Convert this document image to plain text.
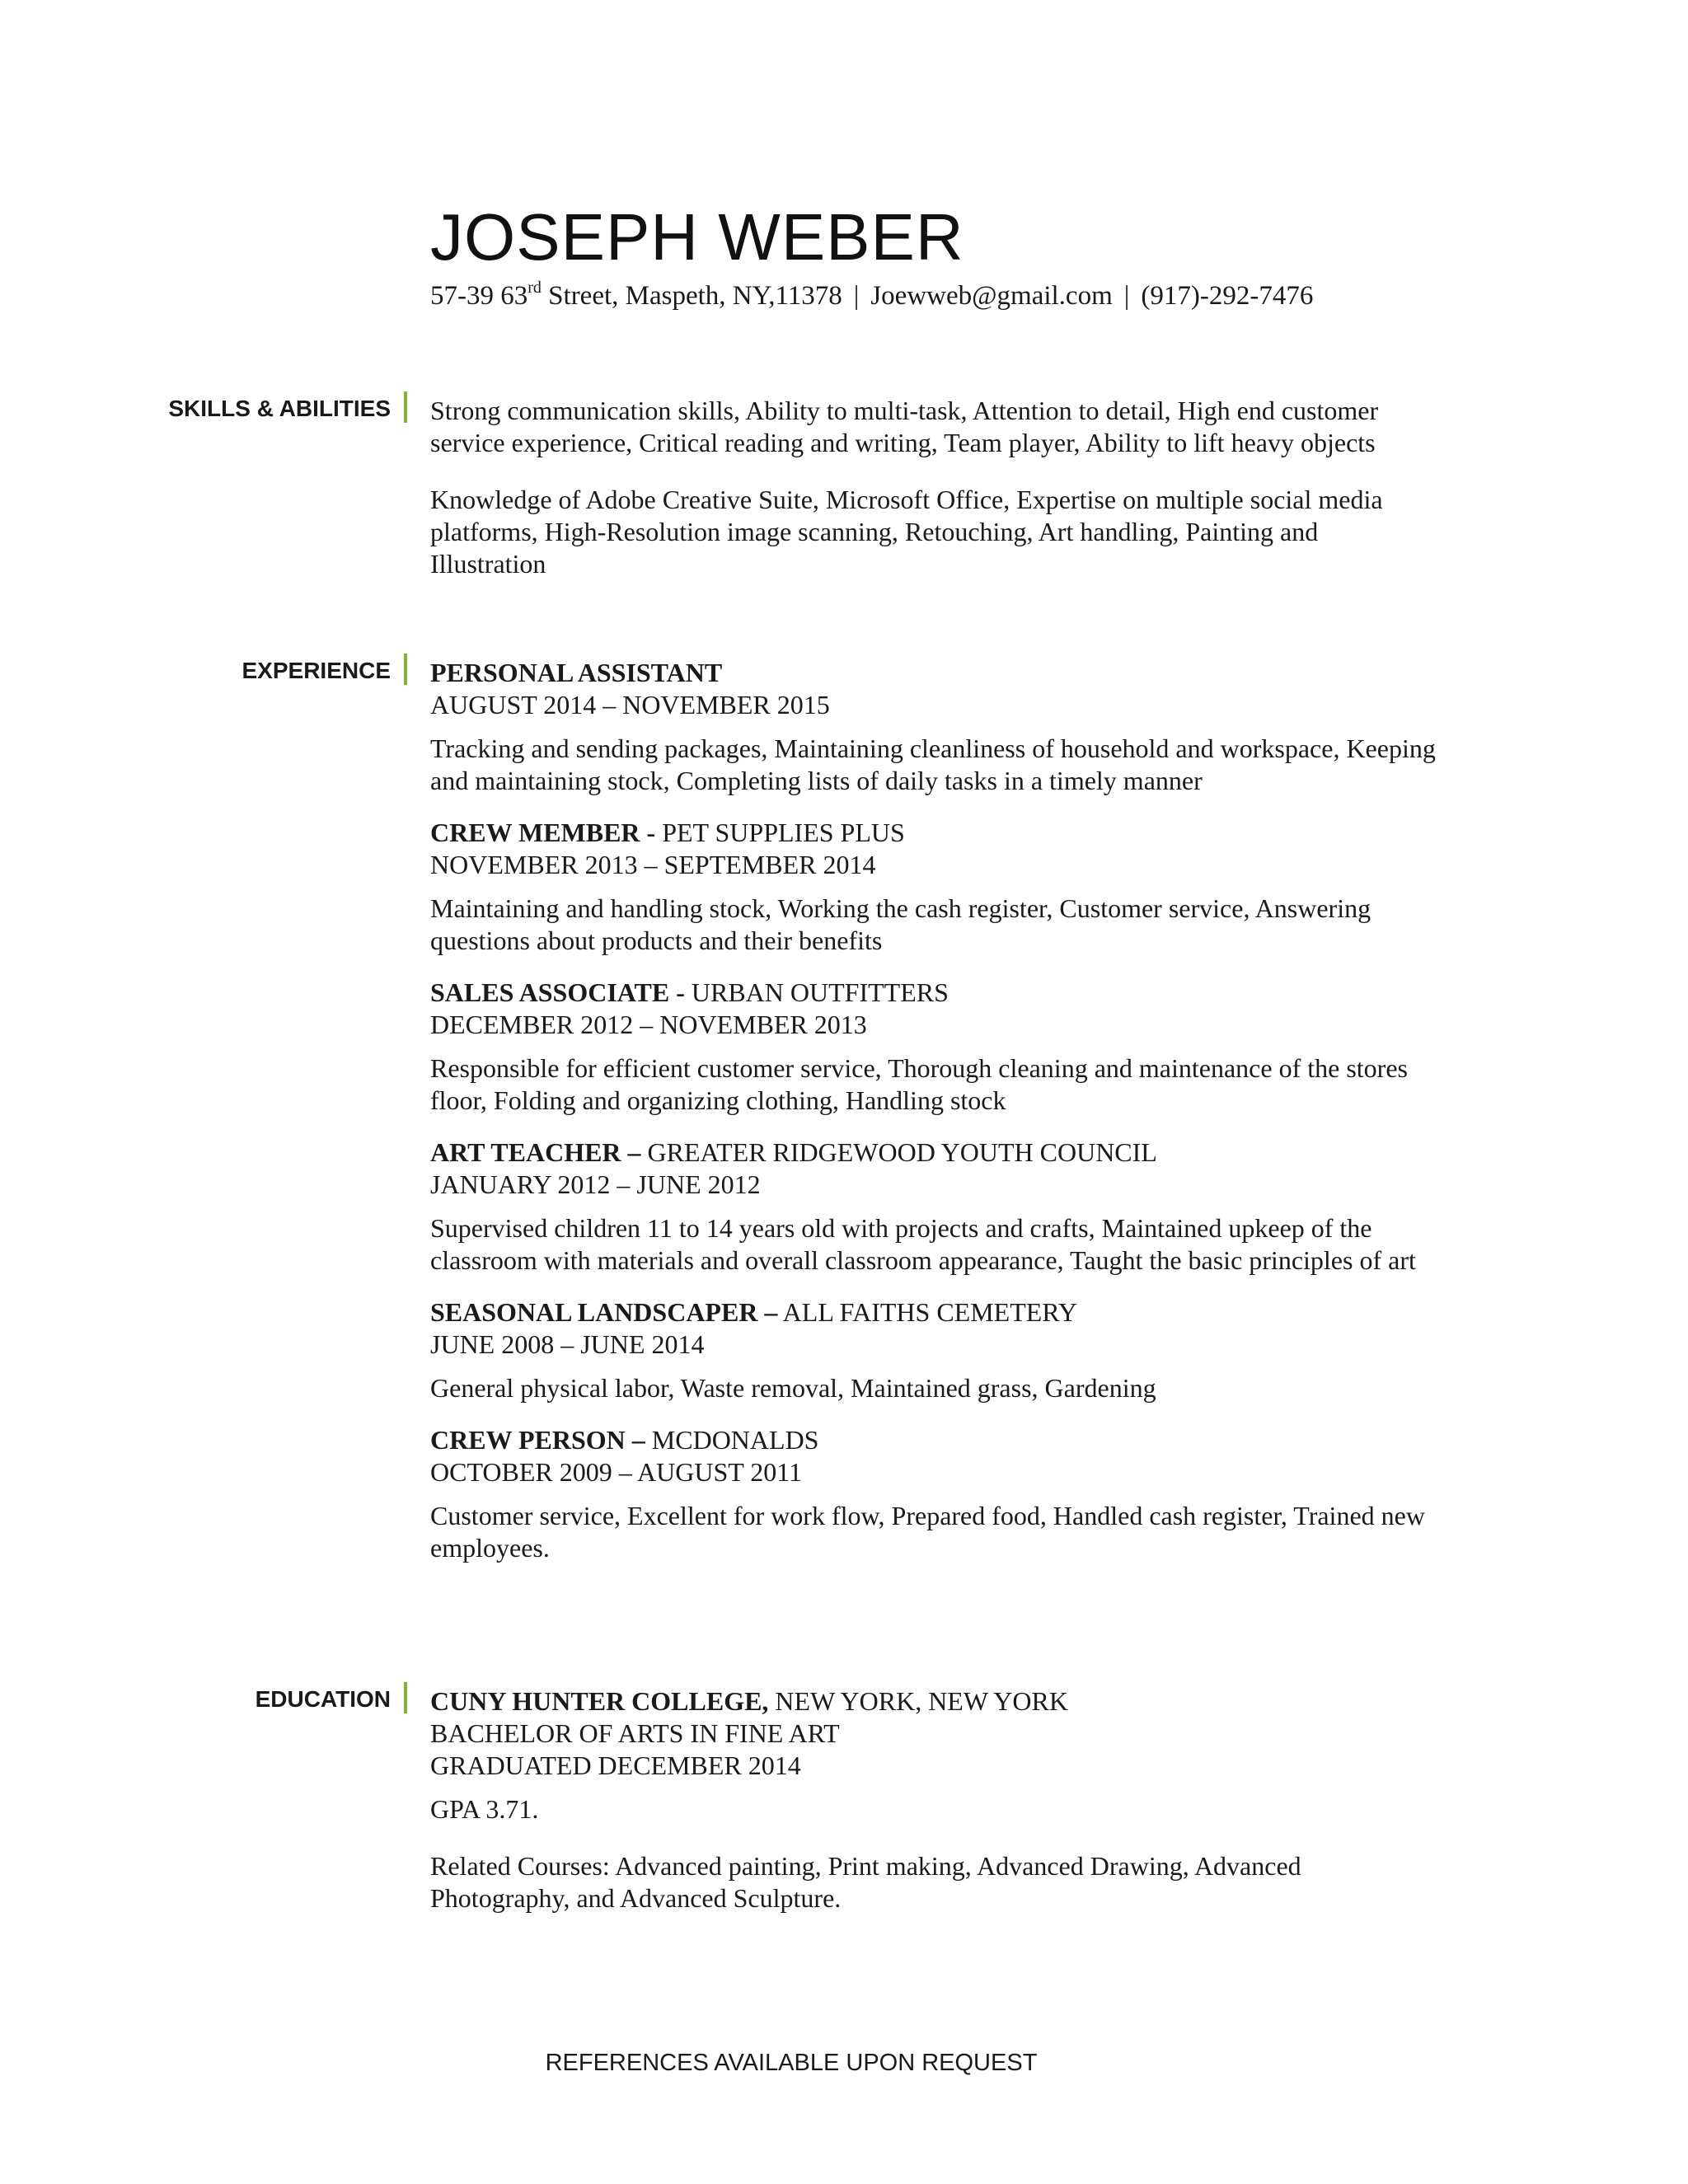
JOSEPH WEBER
57-39 63rd Street, Maspeth, NY,11378 | Joewweb@gmail.com | (917)-292-7476
SKILLS & ABILITIES Strong communication skills, Ability to multi-task, Attention to detail, High end customer service experience, Critical reading and writing, Team player, Ability to lift heavy objects

Knowledge of Adobe Creative Suite, Microsoft Office, Expertise on multiple social media platforms, High-Resolution image scanning, Retouching, Art handling, Painting and Illustration

EXPERIENCE PERSONAL ASSISTANT

AUGUST 2014 – NOVEMBER 2015

Tracking and sending packages, Maintaining cleanliness of household and workspace, Keeping and maintaining stock, Completing lists of daily tasks in a timely manner

CREW MEMBER - PET SUPPLIES PLUS

NOVEMBER 2013 – SEPTEMBER 2014

Maintaining and handling stock, Working the cash register, Customer service, Answering questions about products and their benefits

SALES ASSOCIATE - URBAN OUTFITTERS

DECEMBER 2012 – NOVEMBER 2013

Responsible for efficient customer service, Thorough cleaning and maintenance of the stores floor, Folding and organizing clothing, Handling stock

ART TEACHER – GREATER RIDGEWOOD YOUTH COUNCIL

JANUARY 2012 – JUNE 2012

Supervised children 11 to 14 years old with projects and crafts, Maintained upkeep of the classroom with materials and overall classroom appearance, Taught the basic principles of art

SEASONAL LANDSCAPER – ALL FAITHS CEMETERY

JUNE 2008 – JUNE 2014

General physical labor, Waste removal, Maintained grass, Gardening

CREW PERSON – MCDONALDS

OCTOBER 2009 – AUGUST 2011

Customer service, Excellent for work flow, Prepared food, Handled cash register, Trained new employees.

EDUCATION CUNY HUNTER COLLEGE, NEW YORK, NEW YORK

BACHELOR OF ARTS IN FINE ART

GRADUATED DECEMBER 2014

GPA 3.71.

Related Courses: Advanced painting, Print making, Advanced Drawing, Advanced Photography, and Advanced Sculpture.

REFERENCES AVAILABLE UPON REQUEST
